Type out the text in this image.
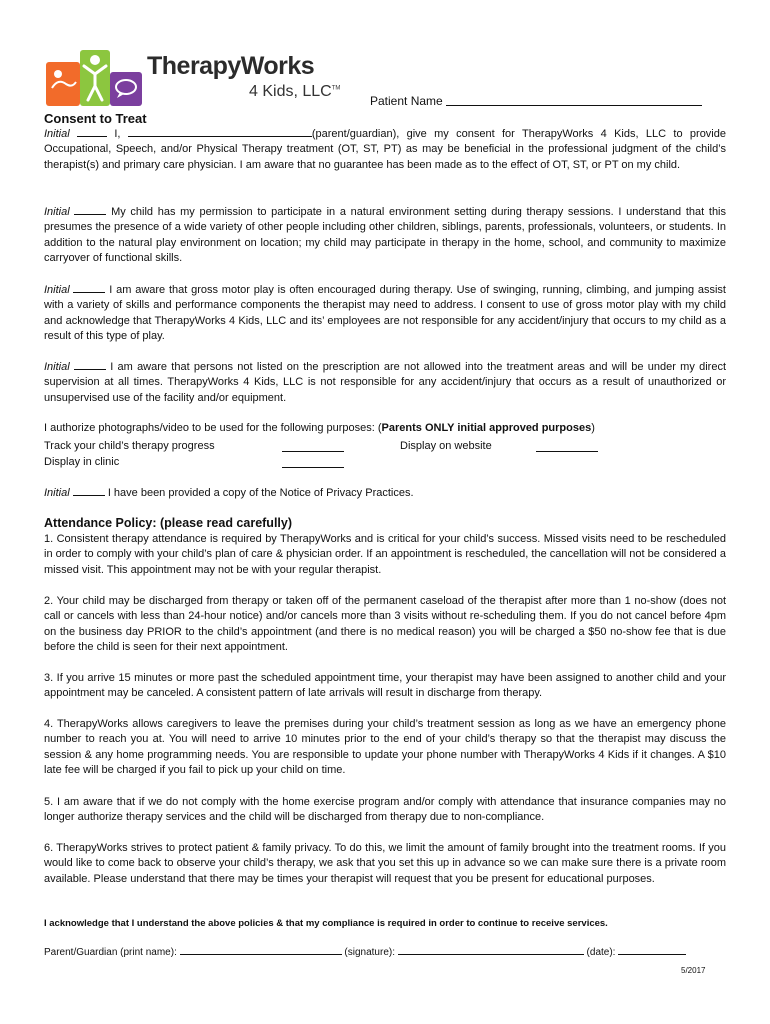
TherapyWorks
4 Kids, LLC™
Patient Name
Consent to Treat

Initial	I,	(parent/guardian), give my consent for TherapyWorks 4 Kids, LLC to provide Occupational, Speech, and/or Physical Therapy treatment (OT, ST, PT) as may be beneficial in the professional judgment of the child’s therapist(s) and primary care physician. I am aware that no guarantee has been made as to the effect of OT, ST, or PT on my child.

Initial	My child has my permission to participate in a natural environment setting during therapy sessions. I understand that this presumes the presence of a wide variety of other people including other children, siblings, parents, professionals, volunteers, or students. In addition to the natural play environment on location; my child may participate in therapy in the home, school, and community to maximize carryover of functional skills.

Initial	I am aware that gross motor play is often encouraged during therapy. Use of swinging, running, climbing, and jumping assist with a variety of skills and performance components the therapist may need to address. I consent to use of gross motor play with my child and acknowledge that TherapyWorks 4 Kids, LLC and its’ employees are not responsible for any accident/injury that occurs to my child as a result of this type of play.

Initial	I am aware that persons not listed on the prescription are not allowed into the treatment areas and will be under my direct supervision at all times. TherapyWorks 4 Kids, LLC is not responsible for any accident/injury that occurs as a result of unauthorized or unsupervised use of the facility and/or equipment.

I authorize photographs/video to be used for the following purposes: (Parents ONLY initial approved purposes)
Track your child’s therapy progress	Display on website
Display in clinic

Initial	I have been provided a copy of the Notice of Privacy Practices.

Attendance Policy: (please read carefully)

1. Consistent therapy attendance is required by TherapyWorks and is critical for your child’s success. Missed visits need to be rescheduled in order to comply with your child’s plan of care & physician order. If an appointment is rescheduled, the cancellation will not be considered a missed visit. This appointment may not be with your regular therapist.

2. Your child may be discharged from therapy or taken off of the permanent caseload of the therapist after more than 1 no-show (does not call or cancels with less than 24-hour notice) and/or cancels more than 3 visits without re-scheduling them. If you do not cancel before 4pm on the business day PRIOR to the child’s appointment (and there is no medical reason) you will be charged a $50 no-show fee that is due before the child is seen for their next appointment.

3. If you arrive 15 minutes or more past the scheduled appointment time, your therapist may have been assigned to another child and your appointment may be canceled. A consistent pattern of late arrivals will result in discharge from therapy.

4. TherapyWorks allows caregivers to leave the premises during your child’s treatment session as long as we have an emergency phone number to reach you at. You will need to arrive 10 minutes prior to the end of your child’s therapy so that the therapist may discuss the session & any home programming needs. You are responsible to update your phone number with TherapyWorks 4 Kids if it changes. A $10 late fee will be charged if you fail to pick up your child on time.

5. I am aware that if we do not comply with the home exercise program and/or comply with attendance that insurance companies may no longer authorize therapy services and the child will be discharged from therapy due to non-compliance.

6. TherapyWorks strives to protect patient & family privacy. To do this, we limit the amount of family brought into the treatment rooms. If you would like to come back to observe your child’s therapy, we ask that you set this up in advance so we can make sure there is a private room available. Please understand that there may be times your therapist will request that you be present for educational purposes.

I acknowledge that I understand the above policies & that my compliance is required in order to continue to receive services.
Parent/Guardian (print name):	(signature):	(date):
5/2017
